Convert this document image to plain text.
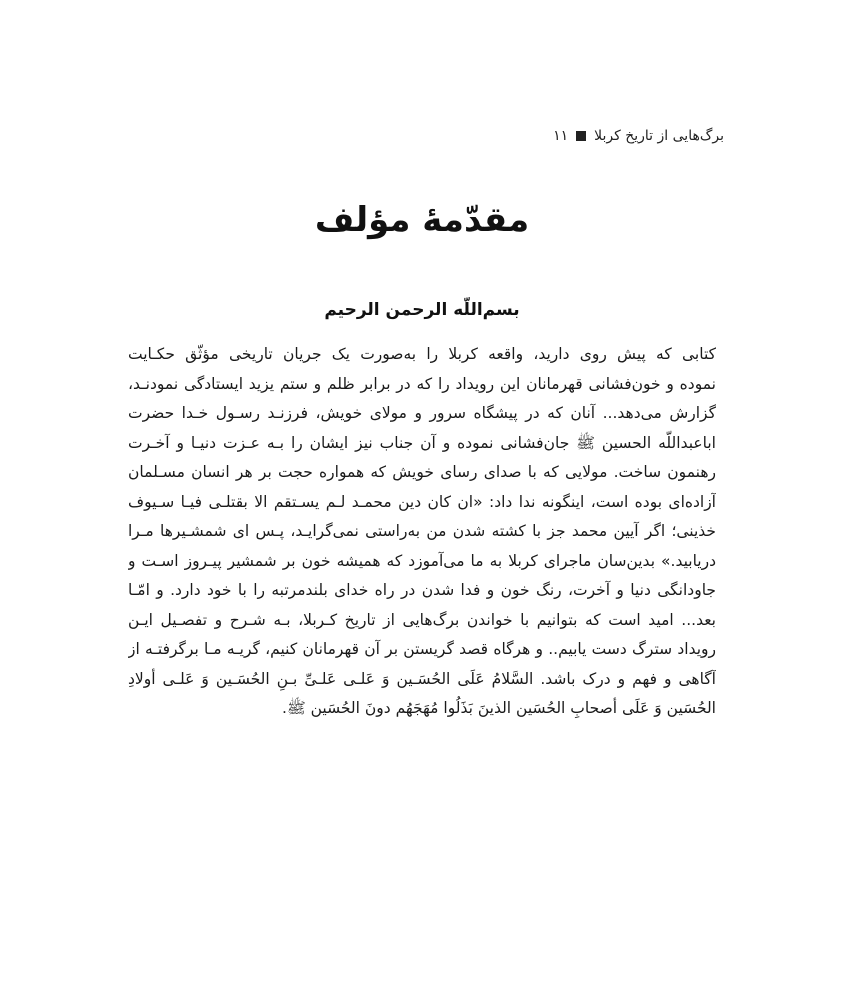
برگ‌هایی از تاریخ کربلا
۱۱
مقدّمهٔ مؤلف
بسم‌اللّه الرحمن الرحیم
کتابی که پیش روی دارید، واقعه کربلا را به‌صورت یک جریان تاریخی مؤثّق حکـایت
نموده و خون‌فشانی قهرمانان این رویداد را که در برابر ظلم و ستم یزید ایستادگی نمودنـد،
گزارش می‌دهد... آنان که در پیشگاه سرور و مولای خویش، فرزنـد رسـول خـدا حضرت
اباعبداللّه الحسین ﷺ جان‌فشانی نموده و آن جناب نیز ایشان را بـه عـزت دنیـا و آخـرت
رهنمون ساخت. مولایی که با صدای رسای خویش که همواره حجت بر هر انسان مسـلمان
آزاده‌ای بوده است، اینگونه ندا داد: «ان کان دین محمـد لـم یسـتقم الا بقتلـی فیـا سـیوف
خذینی؛ اگر آیین محمد جز با کشته شدن من به‌راستی نمی‌گرایـد، پـس ای شمشـیرها مـرا
دریابید.» بدین‌سان ماجرای کربلا به ما می‌آموزد که همیشه خون بر شمشیر پیـروز اسـت و
جاودانگی دنیا و آخرت، رنگ خون و فدا شدن در راه خدای بلندمرتبه را با خود دارد. و امّـا
بعد... امید است که بتوانیم با خواندن برگ‌هایی از تاریخ کـربلا، بـه شـرح و تفصـیل ایـن
رویداد سترگ دست یابیم.. و هرگاه قصد گریستن بر آن قهرمانان کنیم، گریـه مـا برگرفتـه از
آگاهی و فهم و درک باشد. السَّلامُ عَلَی الحُسَـین وَ عَلـی عَلـیِّ بـنِ الحُسَـین وَ عَلـی أولادِ
الحُسَین وَ عَلَی أصحابِ الحُسَین الذینَ بَذَلُوا مُهَجَهُم دونَ الحُسَین ﷺ.
